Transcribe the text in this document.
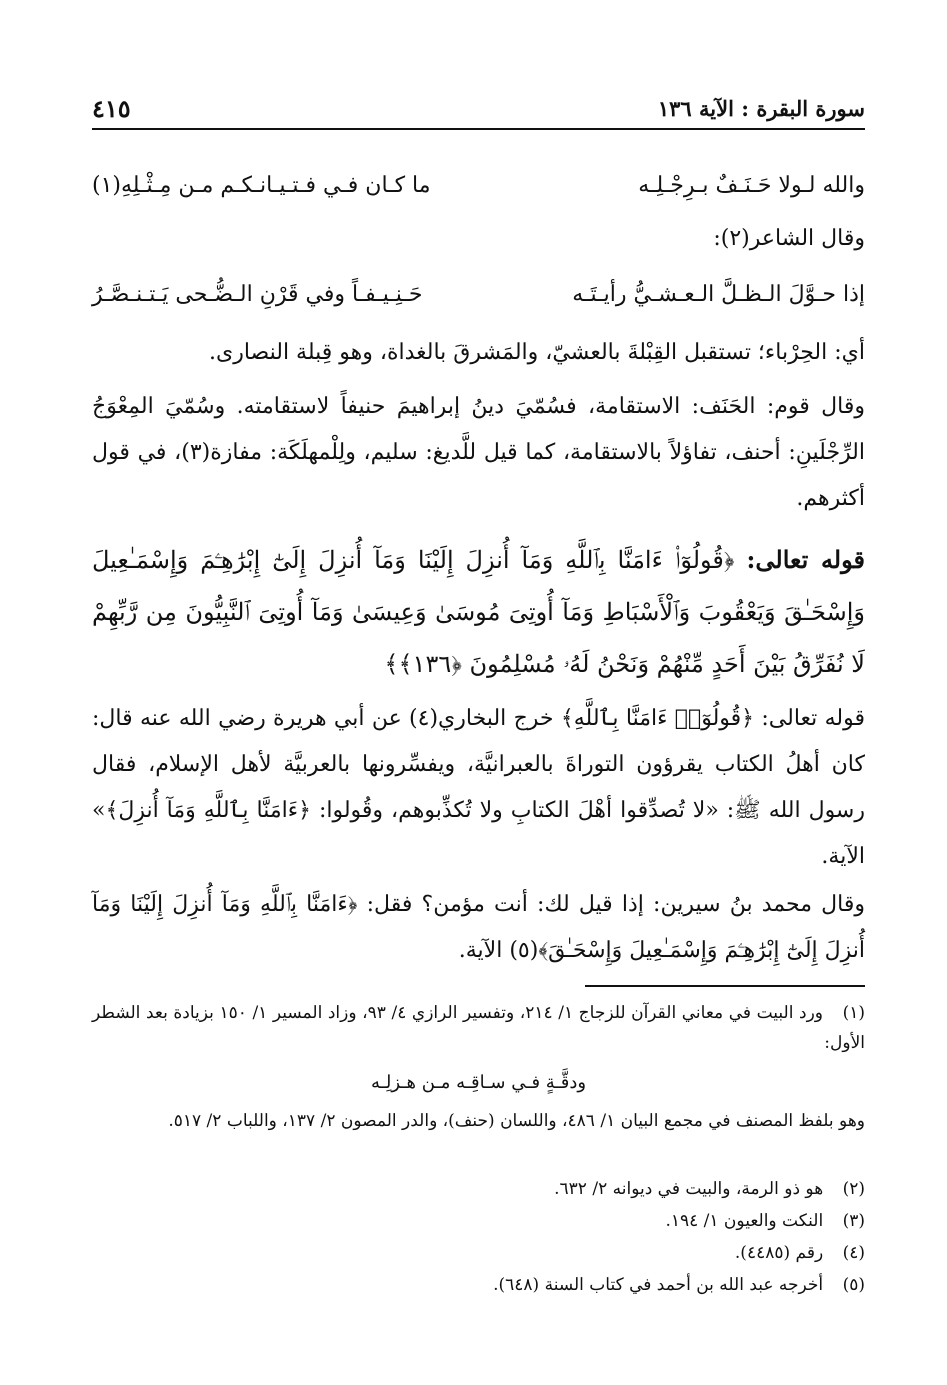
سورة البقرة : الآية ١٣٦
٤١٥
والله لـولا حَـنَـفٌ بـرِجْـلِـه
ما كـان فـي فـتـيـانـكـم مـن مِـثْـلِهِ(١)
وقال الشاعر(٢):
إذا حـوَّلَ الـظـلَّ الـعـشـيُّ رأيـتَـه
حَـنِـيـفـاً وفي قَرْنِ الـضُّـحى يَـتـنـصَّـرُ
أي: الحِرْباء؛ تستقبل القِبْلةَ بالعشيّ، والمَشرقَ بالغداة، وهو قِبلة النصارى.
وقال قوم: الحَنَف: الاستقامة، فسُمّيَ دينُ إبراهيمَ حنيفاً لاستقامته. وسُمّيَ المِعْوَجُ الرِّجْلَينِ: أحنف، تفاؤلاً بالاستقامة، كما قيل للَّديغ: سليم، ولِلْمهلَكَة: مفازة(٣)، في قول أكثرهم.
قوله تعالى: ﴿قُولُوٓا۟ ءَامَنَّا بِٱللَّهِ وَمَآ أُنزِلَ إِلَيْنَا وَمَآ أُنزِلَ إِلَىٰٓ إِبْرَٰهِـۧمَ وَإِسْمَـٰعِيلَ وَإِسْحَـٰقَ وَيَعْقُوبَ وَٱلْأَسْبَاطِ وَمَآ أُوتِىَ مُوسَىٰ وَعِيسَىٰ وَمَآ أُوتِىَ ٱلنَّبِيُّونَ مِن رَّبِّهِمْ لَا نُفَرِّقُ بَيْنَ أَحَدٍ مِّنْهُمْ وَنَحْنُ لَهُۥ مُسْلِمُونَ ﴿١٣٦﴾﴾
قوله تعالى: ﴿قُولُوٓا۟ ءَامَنَّا بِٱللَّهِ﴾ خرج البخاري(٤) عن أبي هريرة رضي الله عنه قال: كان أهلُ الكتاب يقرؤون التوراةَ بالعبرانيَّة، ويفسِّرونها بالعربيَّة لأهل الإسلام، فقال رسول الله ﷺ: «لا تُصدِّقوا أهْلَ الكتابِ ولا تُكذِّبوهم، وقُولوا: ﴿ءَامَنَّا بِٱللَّهِ وَمَآ أُنزِلَ﴾» الآية.
وقال محمد بنُ سيرين: إذا قيل لك: أنت مؤمن؟ فقل: ﴿ءَامَنَّا بِٱللَّهِ وَمَآ أُنزِلَ إِلَيْنَا وَمَآ أُنزِلَ إِلَىٰٓ إِبْرَٰهِـۧمَ وَإِسْمَـٰعِيلَ وَإِسْحَـٰقَ﴾(٥) الآية.
(١) ورد البيت في معاني القرآن للزجاج ١/ ٢١٤، وتفسير الرازي ٤/ ٩٣، وزاد المسير ١/ ١٥٠ بزيادة بعد الشطر الأول:
ودقَّـةٍ فـي سـاقِـه مـن هـزلِـه
وهو بلفظ المصنف في مجمع البيان ١/ ٤٨٦، واللسان (حنف)، والدر المصون ٢/ ١٣٧، واللباب ٢/ ٥١٧.
(٢) هو ذو الرمة، والبيت في ديوانه ٢/ ٦٣٢.
(٣) النكت والعيون ١/ ١٩٤.
(٤) رقم (٤٤٨٥).
(٥) أخرجه عبد الله بن أحمد في كتاب السنة (٦٤٨).
